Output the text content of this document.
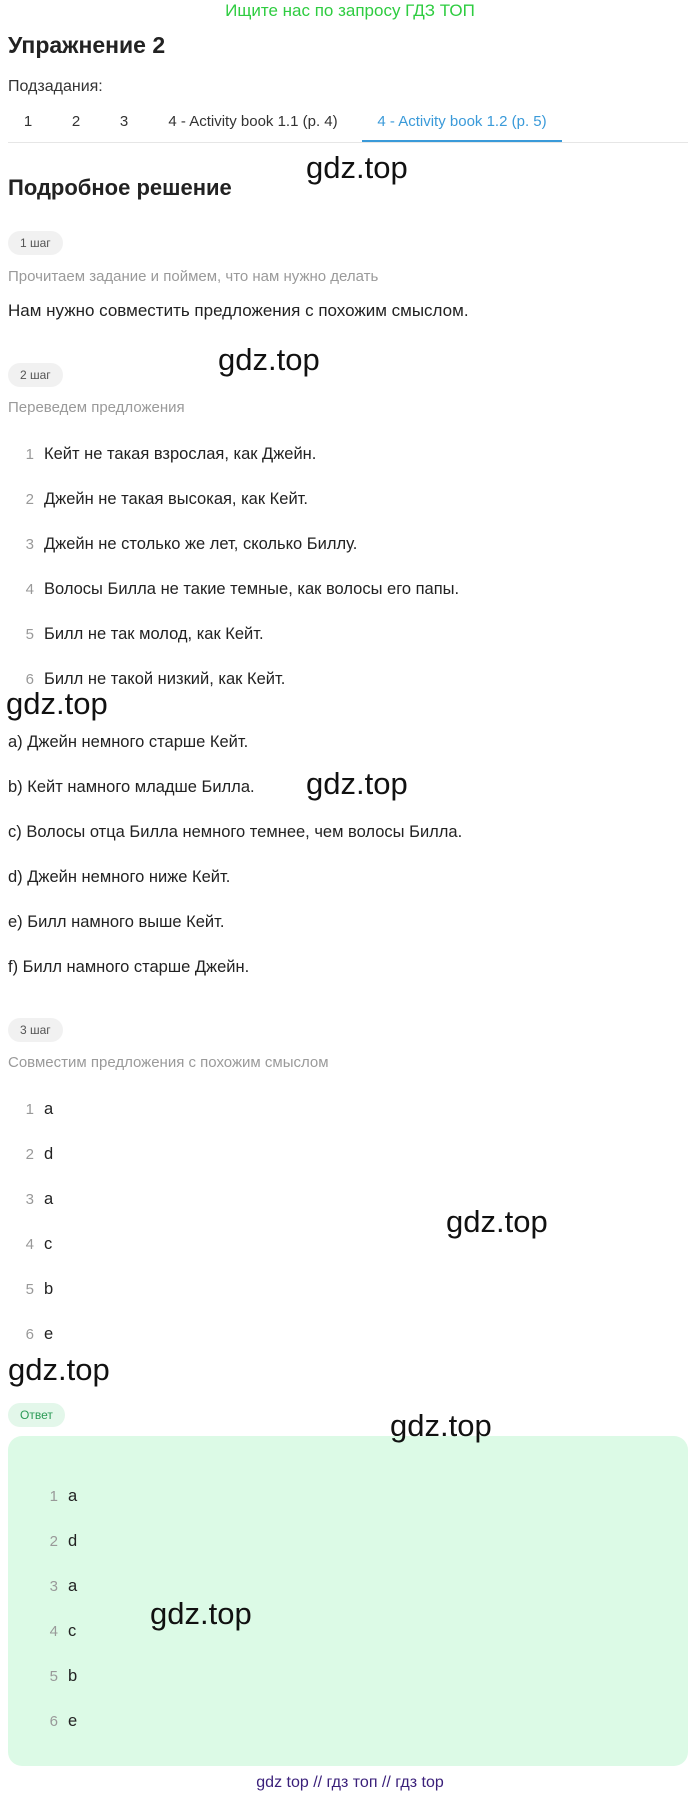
Ищите нас по запросу ГДЗ ТОП
Упражнение 2
Подзадания:
1	2	3	4 - Activity book 1.1 (p. 4)	4 - Activity book 1.2 (p. 5)
Подробное решение
1 шаг
Прочитаем задание и поймем, что нам нужно делать
Нам нужно совместить предложения с похожим смыслом.
2 шаг
Переведем предложения
1 Кейт не такая взрослая, как Джейн.
2 Джейн не такая высокая, как Кейт.
3 Джейн не столько же лет, сколько Биллу.
4 Волосы Билла не такие темные, как волосы его папы.
5 Билл не так молод, как Кейт.
6 Билл не такой низкий, как Кейт.
a) Джейн немного старше Кейт.
b) Кейт намного младше Билла.
c) Волосы отца Билла немного темнее, чем волосы Билла.
d) Джейн немного ниже Кейт.
e) Билл намного выше Кейт.
f) Билл намного старше Джейн.
3 шаг
Совместим предложения с похожим смыслом
1 a
2 d
3 a
4 c
5 b
6 e
Ответ
1 a
2 d
3 a
4 c
5 b
6 e
gdz.top
gdz.top
gdz.top
gdz.top
gdz.top
gdz.top
gdz.top
gdz.top
gdz top // гдз топ // гдз top
